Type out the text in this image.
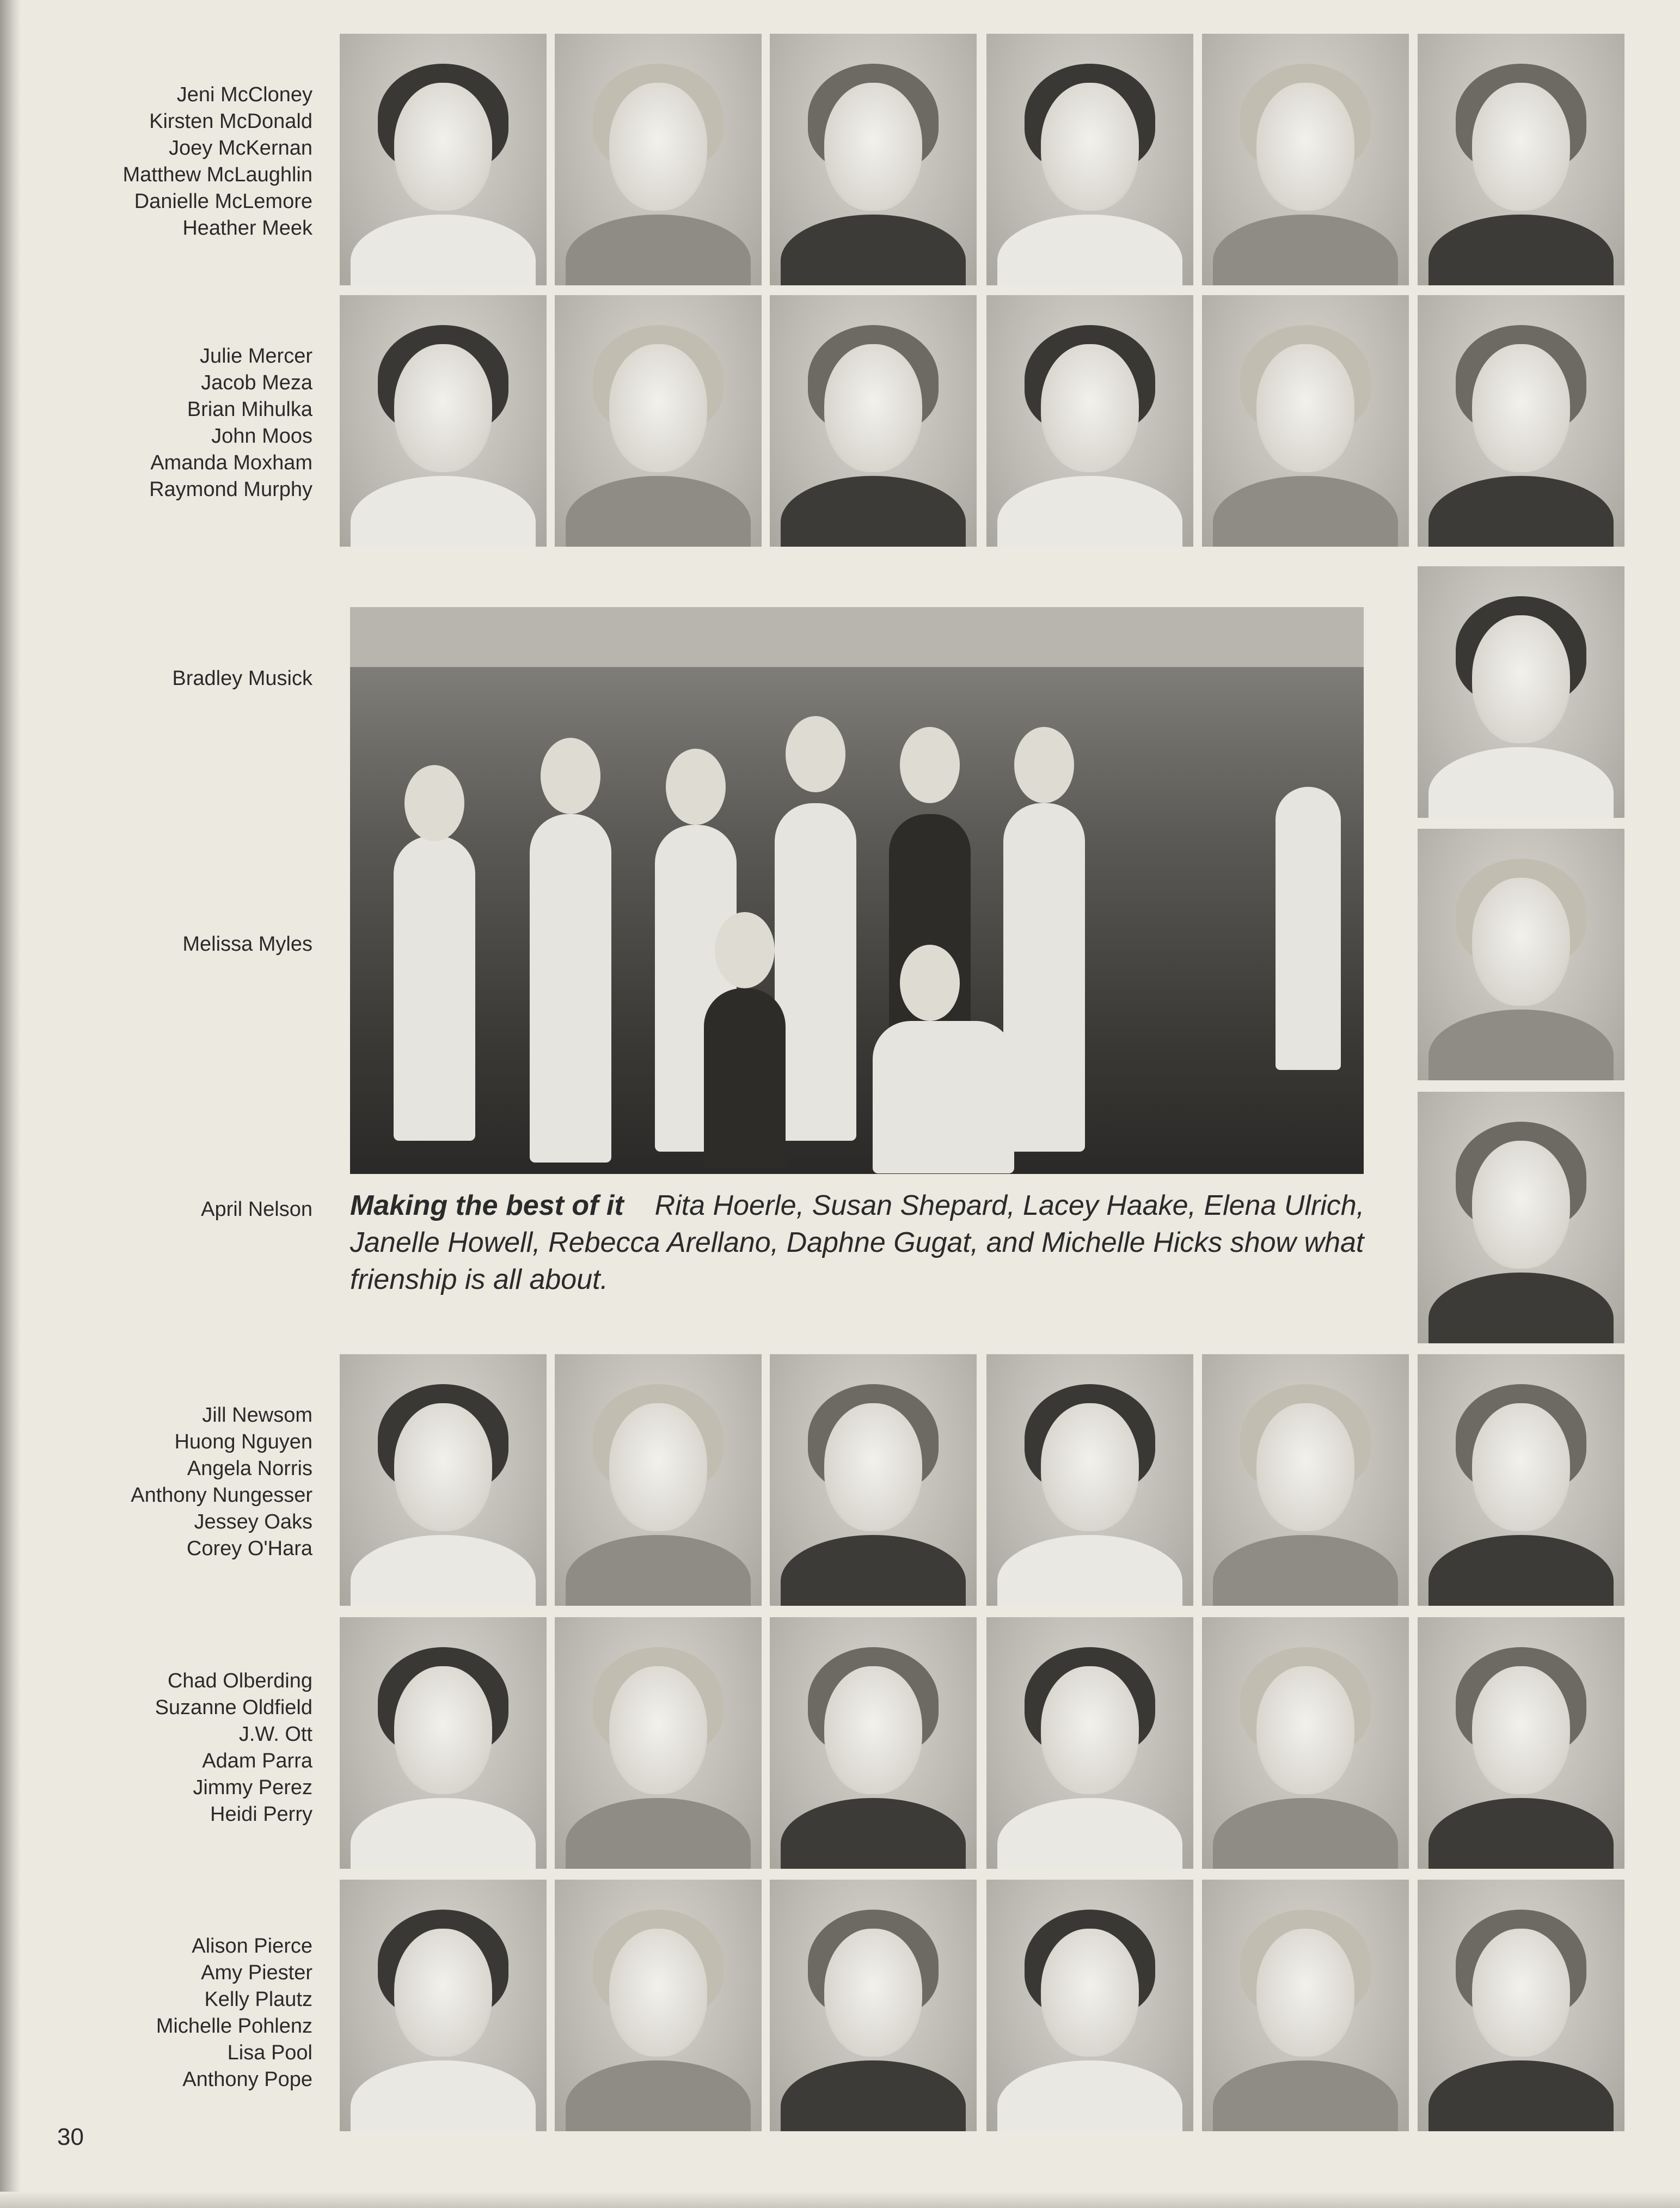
Jeni McCloney
Kirsten McDonald
Joey McKernan
Matthew McLaughlin
Danielle McLemore
Heather Meek
Julie Mercer
Jacob Meza
Brian Mihulka
John Moos
Amanda Moxham
Raymond Murphy
Bradley Musick
Melissa Myles
April Nelson
Jill Newsom
Huong Nguyen
Angela Norris
Anthony Nungesser
Jessey Oaks
Corey O'Hara
Chad Olberding
Suzanne Oldfield
J.W. Ott
Adam Parra
Jimmy Perez
Heidi Perry
Alison Pierce
Amy Piester
Kelly Plautz
Michelle Pohlenz
Lisa Pool
Anthony Pope
Making the best of it Rita Hoerle, Susan Shepard, Lacey Haake, Elena Ulrich, Janelle Howell, Rebecca Arellano, Daphne Gugat, and Michelle Hicks show what frienship is all about.
30
